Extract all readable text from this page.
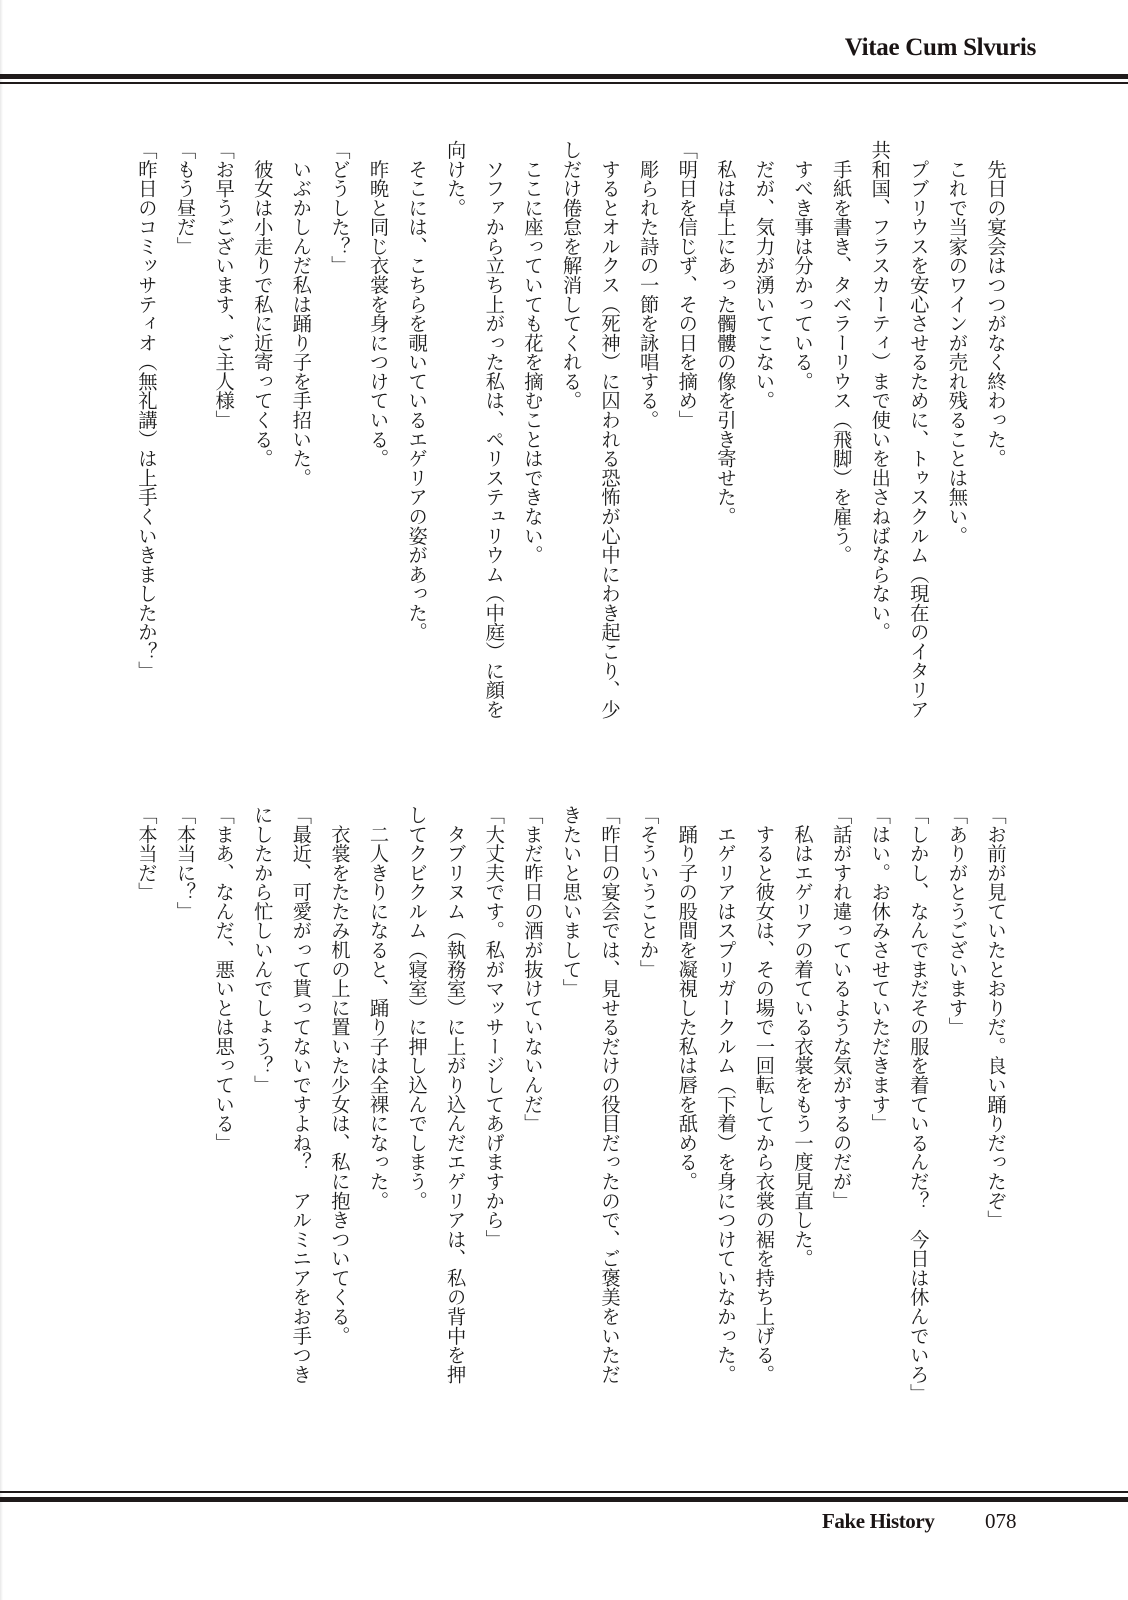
Vitae Cum Slvuris
　先日の宴会はつつがなく終わった。
　これで当家のワインが売れ残ることは無い。
　プブリウスを安心させるために、トゥスクルム（現在のイタリア
共和国、フラスカーティ）まで使いを出さねばならない。
　手紙を書き、タベラーリウス（飛脚）を雇う。
　すべき事は分かっている。
　だが、気力が湧いてこない。
　私は卓上にあった髑髏の像を引き寄せた。
「明日を信じず、その日を摘め」
　彫られた詩の一節を詠唱する。
　するとオルクス（死神）に囚われる恐怖が心中にわき起こり、少
しだけ倦怠を解消してくれる。
　ここに座っていても花を摘むことはできない。
　ソファから立ち上がった私は、ペリステュリウム（中庭）に顔を
向けた。
　そこには、こちらを覗いているエゲリアの姿があった。
　昨晩と同じ衣裳を身につけている。
「どうした？」
　いぶかしんだ私は踊り子を手招いた。
　彼女は小走りで私に近寄ってくる。
「お早うございます、ご主人様」
「もう昼だ」
「昨日のコミッサティオ（無礼講）は上手くいきましたか？」
「お前が見ていたとおりだ。良い踊りだったぞ」
「ありがとうございます」
「しかし、なんでまだその服を着ているんだ？　今日は休んでいろ」
「はい。お休みさせていただきます」
「話がすれ違っているような気がするのだが」
　私はエゲリアの着ている衣裳をもう一度見直した。
　すると彼女は、その場で一回転してから衣裳の裾を持ち上げる。
　エゲリアはスプリガークルム（下着）を身につけていなかった。
　踊り子の股間を凝視した私は唇を舐める。
「そういうことか」
「昨日の宴会では、見せるだけの役目だったので、ご褒美をいただ
きたいと思いまして」
「まだ昨日の酒が抜けていないんだ」
「大丈夫です。私がマッサージしてあげますから」
　タブリヌム（執務室）に上がり込んだエゲリアは、私の背中を押
してクビクルム（寝室）に押し込んでしまう。
　二人きりになると、踊り子は全裸になった。
　衣裳をたたみ机の上に置いた少女は、私に抱きついてくる。
「最近、可愛がって貰ってないですよね？　アルミニアをお手つき
にしたから忙しいんでしょう？」
「まあ、なんだ、悪いとは思っている」
「本当に？」
「本当だ」
Fake History 078
